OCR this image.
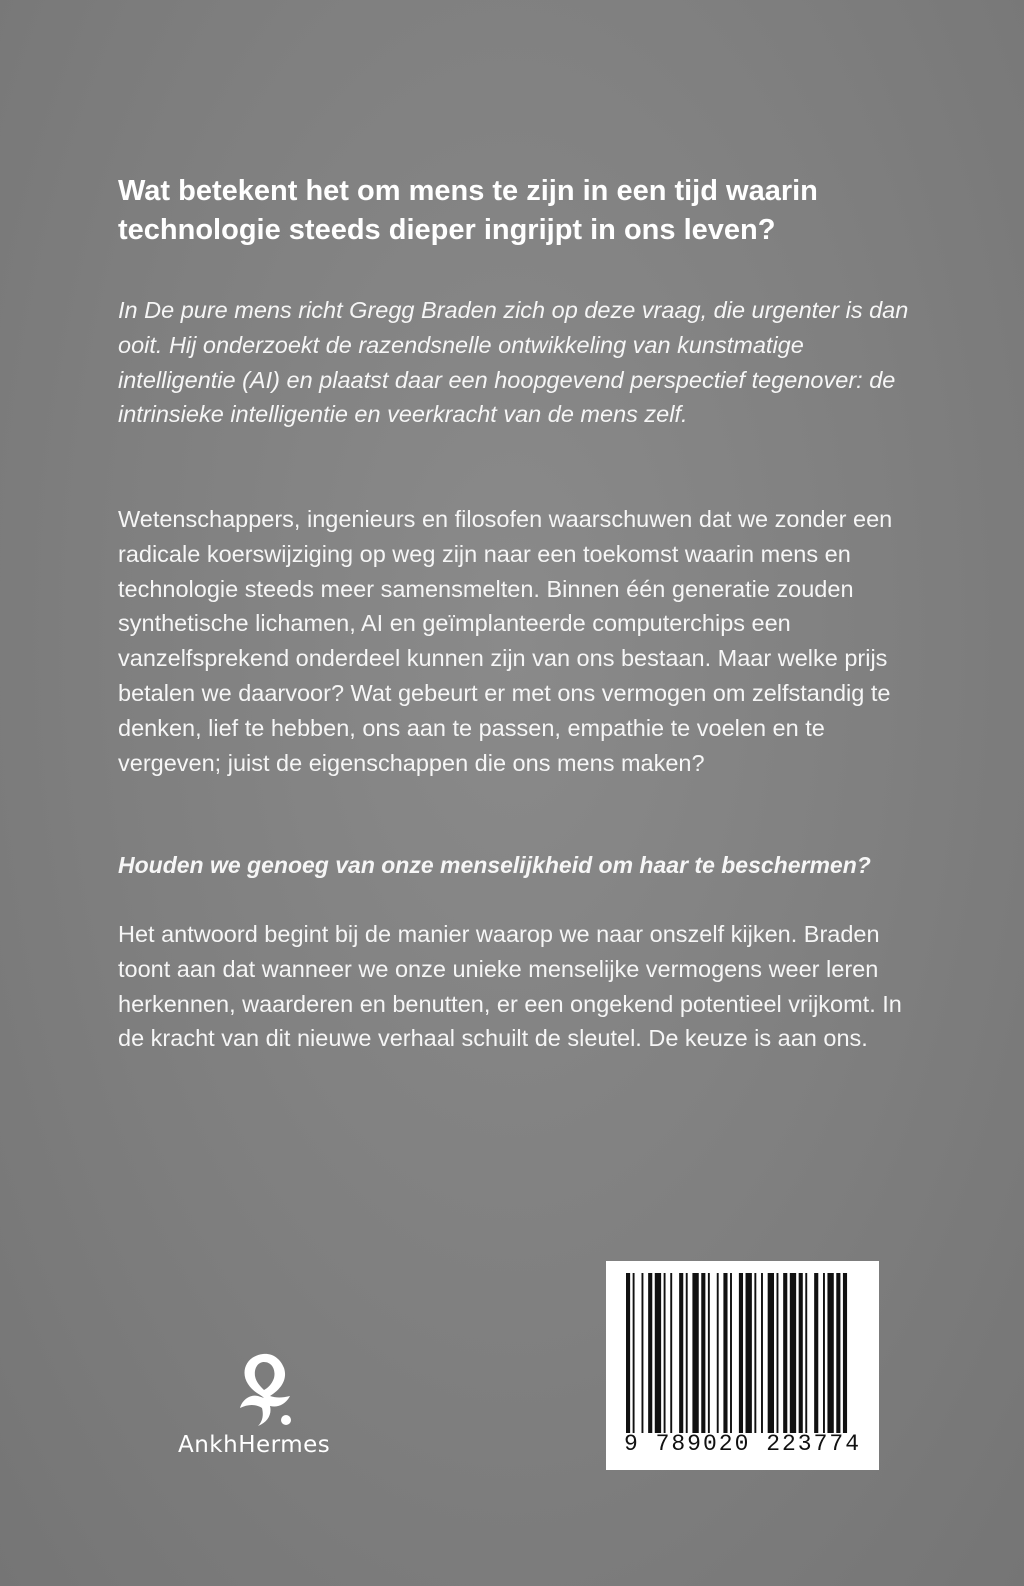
Wat betekent het om mens te zijn in een tijd waarin technologie steeds dieper ingrijpt in ons leven?

In De pure mens richt Gregg Braden zich op deze vraag, die urgenter is dan ooit. Hij onderzoekt de razendsnelle ontwikkeling van kunstmatige intelligentie (AI) en plaatst daar een hoopgevend perspectief tegenover: de intrinsieke intelligentie en veerkracht van de mens zelf.

Wetenschappers, ingenieurs en filosofen waarschuwen dat we zonder een radicale koerswijziging op weg zijn naar een toekomst waarin mens en technologie steeds meer samensmelten. Binnen één generatie zouden synthetische lichamen, AI en geïmplanteerde computerchips een vanzelfsprekend onderdeel kunnen zijn van ons bestaan. Maar welke prijs betalen we daarvoor? Wat gebeurt er met ons vermogen om zelfstandig te denken, lief te hebben, ons aan te passen, empathie te voelen en te vergeven; juist de eigenschappen die ons mens maken?

Houden we genoeg van onze menselijkheid om haar te beschermen?

Het antwoord begint bij de manier waarop we naar onszelf kijken. Braden toont aan dat wanneer we onze unieke menselijke vermogens weer leren herkennen, waarderen en benutten, er een ongekend potentieel vrijkomt. In de kracht van dit nieuwe verhaal schuilt de sleutel. De keuze is aan ons.

AnkhHermes	9 789020 223774
